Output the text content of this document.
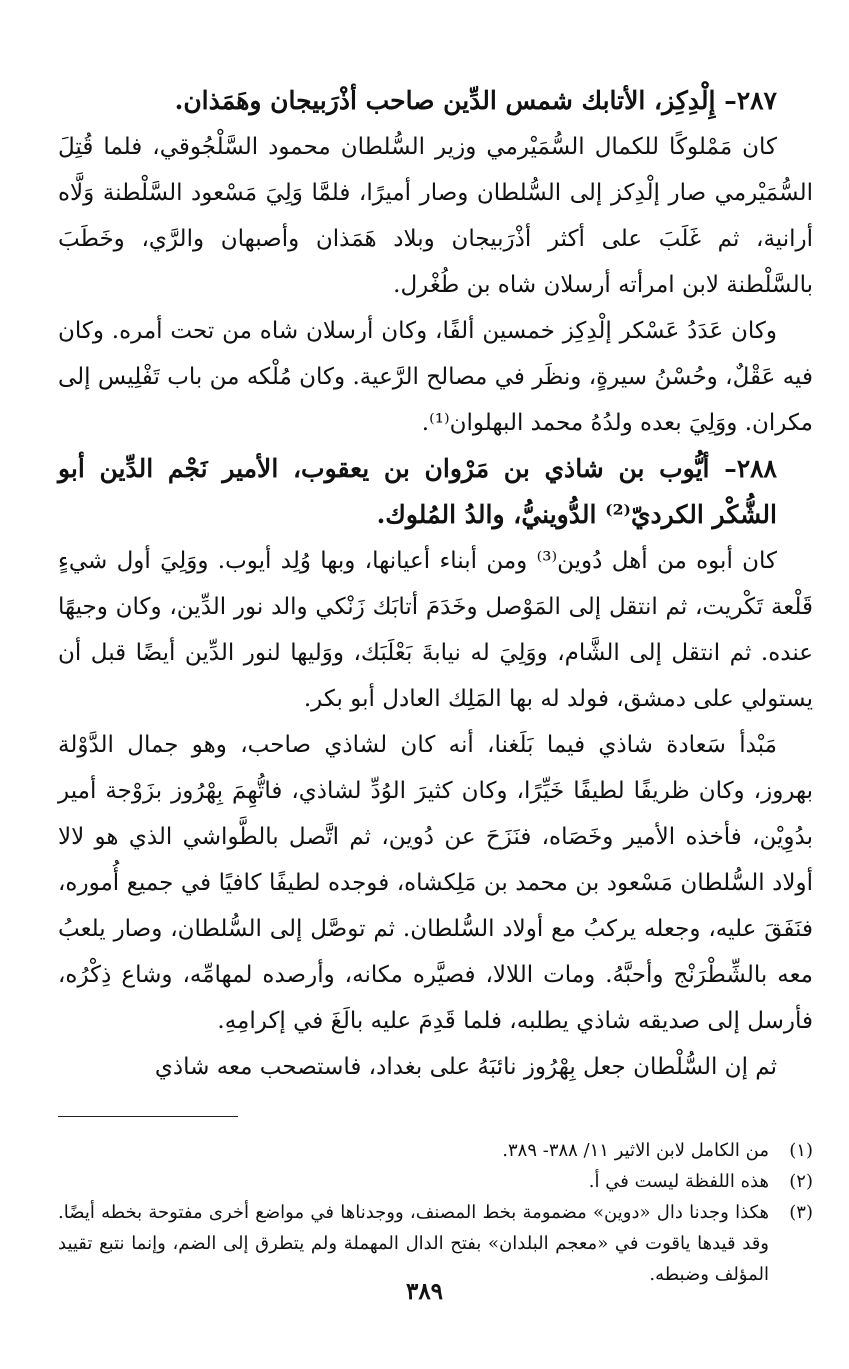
٢٨٧– إِلْدِكِز، الأتابك شمس الدِّين صاحب أذْرَبيجان وهَمَذان.

كان مَمْلوكًا للكمال السُّمَيْرمي وزير السُّلطان محمود السَّلْجُوقي، فلما قُتِلَ السُّمَيْرمي صار إلْدِكز إلى السُّلطان وصار أميرًا، فلمَّا وَلِيَ مَسْعود السَّلْطنة وَلَّاه أرانية، ثم غَلَبَ على أكثر أذْرَبيجان وبلاد هَمَذان وأصبهان والرَّي، وخَطَبَ بالسَّلْطنة لابن امرأته أرسلان شاه بن طُغْرل.

وكان عَدَدُ عَسْكر إلْدِكِز خمسين ألفًا، وكان أرسلان شاه من تحت أمره. وكان فيه عَقْلٌ، وحُسْنُ سيرةٍ، ونظَر في مصالح الرَّعية. وكان مُلْكه من باب تَفْلِيس إلى مكران. ووَلِيَ بعده ولدُهُ محمد البهلوان⁽¹⁾.

٢٨٨– أيُّوب بن شاذي بن مَرْوان بن يعقوب، الأمير نَجْم الدِّين أبو الشُّكْر الكرديّ⁽²⁾ الدُّوينيُّ، والدُ المُلوك.

كان أبوه من أهل دُوين⁽³⁾ ومن أبناء أعيانها، وبها وُلِد أيوب. ووَلِيَ أول شيءٍ قَلْعة تَكْريت، ثم انتقل إلى المَوْصل وخَدَمَ أتابَك زَنْكي والد نور الدِّين، وكان وجيهًا عنده. ثم انتقل إلى الشَّام، ووَلِيَ له نيابةَ بَعْلَبَك، ووَليها لنور الدِّين أيضًا قبل أن يستولي على دمشق، فولد له بها المَلِك العادل أبو بكر.

مَبْدأ سَعادة شاذي فيما بَلَغنا، أنه كان لشاذي صاحب، وهو جمال الدَّوْلة بهروز، وكان ظريفًا لطيفًا خَيِّرًا، وكان كثيرَ الوُدِّ لشاذي، فاتُّهِمَ بِهْرُوز بزَوْجة أمير بدُوِيْن، فأخذه الأمير وخَصَاه، فنَزَحَ عن دُوين، ثم اتَّصل بالطَّواشي الذي هو لالا أولاد السُّلطان مَسْعود بن محمد بن مَلِكشاه، فوجده لطيفًا كافيًا في جميع أُموره، فنَفَقَ عليه، وجعله يركبُ مع أولاد السُّلطان. ثم توصَّل إلى السُّلطان، وصار يلعبُ معه بالشِّطْرَنْج وأحبَّهُ. ومات اللالا، فصيَّره مكانه، وأرصده لمهامِّه، وشاع ذِكْرُه، فأرسل إلى صديقه شاذي يطلبه، فلما قَدِمَ عليه بالَغَ في إكرامِهِ.

ثم إن السُّلْطان جعل بِهْرُوز نائبَهُ على بغداد، فاستصحب معه شاذي

(١)
من الكامل لابن الاثير ١١/ ٣٨٨- ٣٨٩.
(٢)
هذه اللفظة ليست في أ.
(٣)
هكذا وجدنا دال «دوين» مضمومة بخط المصنف، ووجدناها في مواضع أخرى مفتوحة بخطه أيضًا. وقد قيدها ياقوت في «معجم البلدان» بفتح الدال المهملة ولم يتطرق إلى الضم، وإنما نتبع تقييد المؤلف وضبطه.
٣٨٩
